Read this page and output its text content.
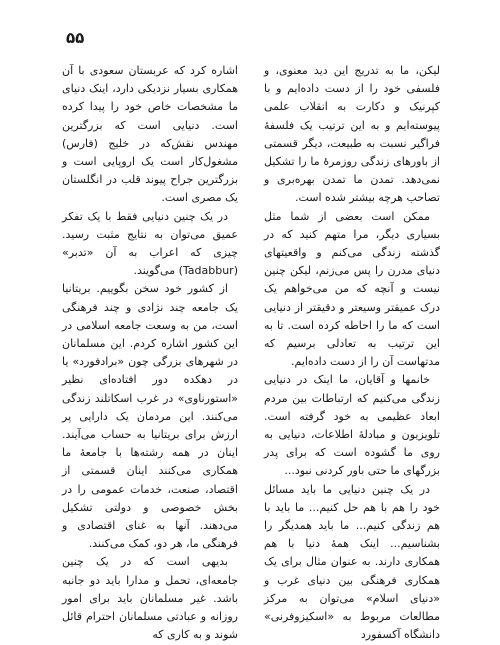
۵۵

لیکن، ما به تدریج این دید معنوی، و فلسفی خود را از دست داده‌ایم و با کپرنیک و دکارت به انقلاب علمی پیوسته‌ایم و به این ترتیب یک فلسفهٔ فراگیر نسبت به طبیعت، دیگر قسمتی از باورهای زندگی روزمرهٔ ما را تشکیل نمی‌دهد. تمدن ما تمدن بهره‌بری و تصاحب هرچه بیشتر شده است.

ممکن است بعضی از شما مثل بسیاری دیگر، مرا متهم کنید که در گذشته زندگی می‌کنم و واقعیتهای دنیای مدرن را پس می‌زنم، لیکن چنین نیست و آنچه که من می‌خواهم یک درک عمیقتر وسیعتر و دقیقتر از دنیایی است که ما را احاطه کرده است. تا به این ترتیب به تعادلی برسیم که مدتهاست آن را از دست داده‌ایم.

خانمها و آقایان، ما اینک در دنیایی زندگی می‌کنیم که ارتباطات بین مردم ابعاد عظیمی به خود گرفته است. تلویزیون و مبادلهٔ اطلاعات، دنیایی به روی ما گشوده است که برای پدر بزرگهای ما حتی باور کردنی نبود...

در یک چنین دنیایی ما باید مسائل خود را هم با هم حل کنیم... ما باید با هم زندگی کنیم... ما باید همدیگر را بشناسیم... اینک همهٔ دنیا با هم همکاری دارند. به عنوان مثال برای یک همکاری فرهنگی بین دنیای غرب و «دنیای اسلام» می‌توان به مرکز مطالعات مربوط به «اسکیزوفرنی» دانشگاه آکسفورد

اشاره کرد که عربستان سعودی با آن همکاری بسیار نزدیکی دارد، اینک دنیای ما مشخصات خاص خود را پیدا کرده است. دنیایی است که بزرگترین مهندس نقش‌که در خلیج (فارس) مشغول‌کار است یک اروپایی است و بزرگترین جراح پیوند قلب در انگلستان یک مصری است.

در یک چنین دنیایی فقط با یک تفکر عمیق می‌توان به نتایج مثبت رسید. چیزی که اعراب به آن «تدبر» (Tadabbur) می‌گویند.

از کشور خود سخن بگوییم. بریتانیا یک جامعه چند نژادی و چند فرهنگی است، من به وسعت جامعه اسلامی در این کشور اشاره کردم. این مسلمانان در شهرهای بزرگی چون «برادفورد» یا در دهکده دور افتاده‌ای نظیر «استورناوی» در غرب اسکاتلند زندگی می‌کنند. این مردمان یک دارایی پر ارزش برای بریتانیا به حساب می‌آیند. اینان در همه رشته‌ها با جامعهٔ ما همکاری می‌کنند اینان قسمتی از اقتصاد، صنعت، خدمات عمومی را در بخش خصوصی و دولتی تشکیل می‌دهند. آنها به غنای اقتصادی و فرهنگی ما، هر دو، کمک می‌کنند.

بدیهی است که در یک چنین جامعه‌ای، تحمل و مدارا باید دو جانبه باشد. غیر مسلمانان باید برای امور روزانه و عبادتی مسلمانان احترام قائل شوند و به کاری که
